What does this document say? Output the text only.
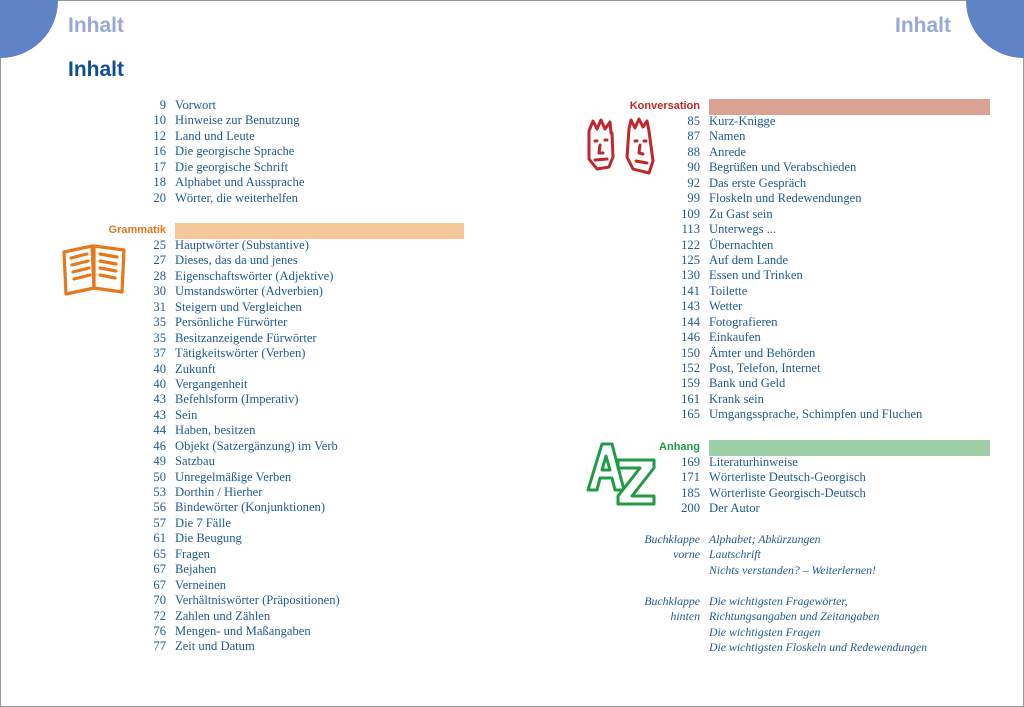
Inhalt	Inhalt
Inhalt
9 Vorwort
10 Hinweise zur Benutzung
12 Land und Leute
16 Die georgische Sprache
17 Die georgische Schrift
18 Alphabet und Aussprache
20 Wörter, die weiterhelfen
Grammatik
25 Hauptwörter (Substantive)
27 Dieses, das da und jenes
28 Eigenschaftswörter (Adjektive)
30 Umstandswörter (Adverbien)
31 Steigern und Vergleichen
35 Persönliche Fürwörter
35 Besitzanzeigende Fürwörter
37 Tätigkeitswörter (Verben)
40 Zukunft
40 Vergangenheit
43 Befehlsform (Imperativ)
43 Sein
44 Haben, besitzen
46 Objekt (Satzergänzung) im Verb
49 Satzbau
50 Unregelmäßige Verben
53 Dorthin / Hierher
56 Bindewörter (Konjunktionen)
57 Die 7 Fälle
61 Die Beugung
65 Fragen
67 Bejahen
67 Verneinen
70 Verhältniswörter (Präpositionen)
72 Zahlen und Zählen
76 Mengen- und Maßangaben
77 Zeit und Datum
Konversation
85 Kurz-Knigge
87 Namen
88 Anrede
90 Begrüßen und Verabschieden
92 Das erste Gespräch
99 Floskeln und Redewendungen
109 Zu Gast sein
113 Unterwegs ...
122 Übernachten
125 Auf dem Lande
130 Essen und Trinken
141 Toilette
143 Wetter
144 Fotografieren
146 Einkaufen
150 Ämter und Behörden
152 Post, Telefon, Internet
159 Bank und Geld
161 Krank sein
165 Umgangssprache, Schimpfen und Fluchen
Anhang
169 Literaturhinweise
171 Wörterliste Deutsch-Georgisch
185 Wörterliste Georgisch-Deutsch
200 Der Autor
Buchklappe
vorne
Alphabet; Abkürzungen
Lautschrift
Nichts verstanden? – Weiterlernen!
Buchklappe
hinten
Die wichtigsten Fragewörter,
Richtungsangaben und Zeitangaben
Die wichtigsten Fragen
Die wichtigsten Floskeln und Redewendungen
